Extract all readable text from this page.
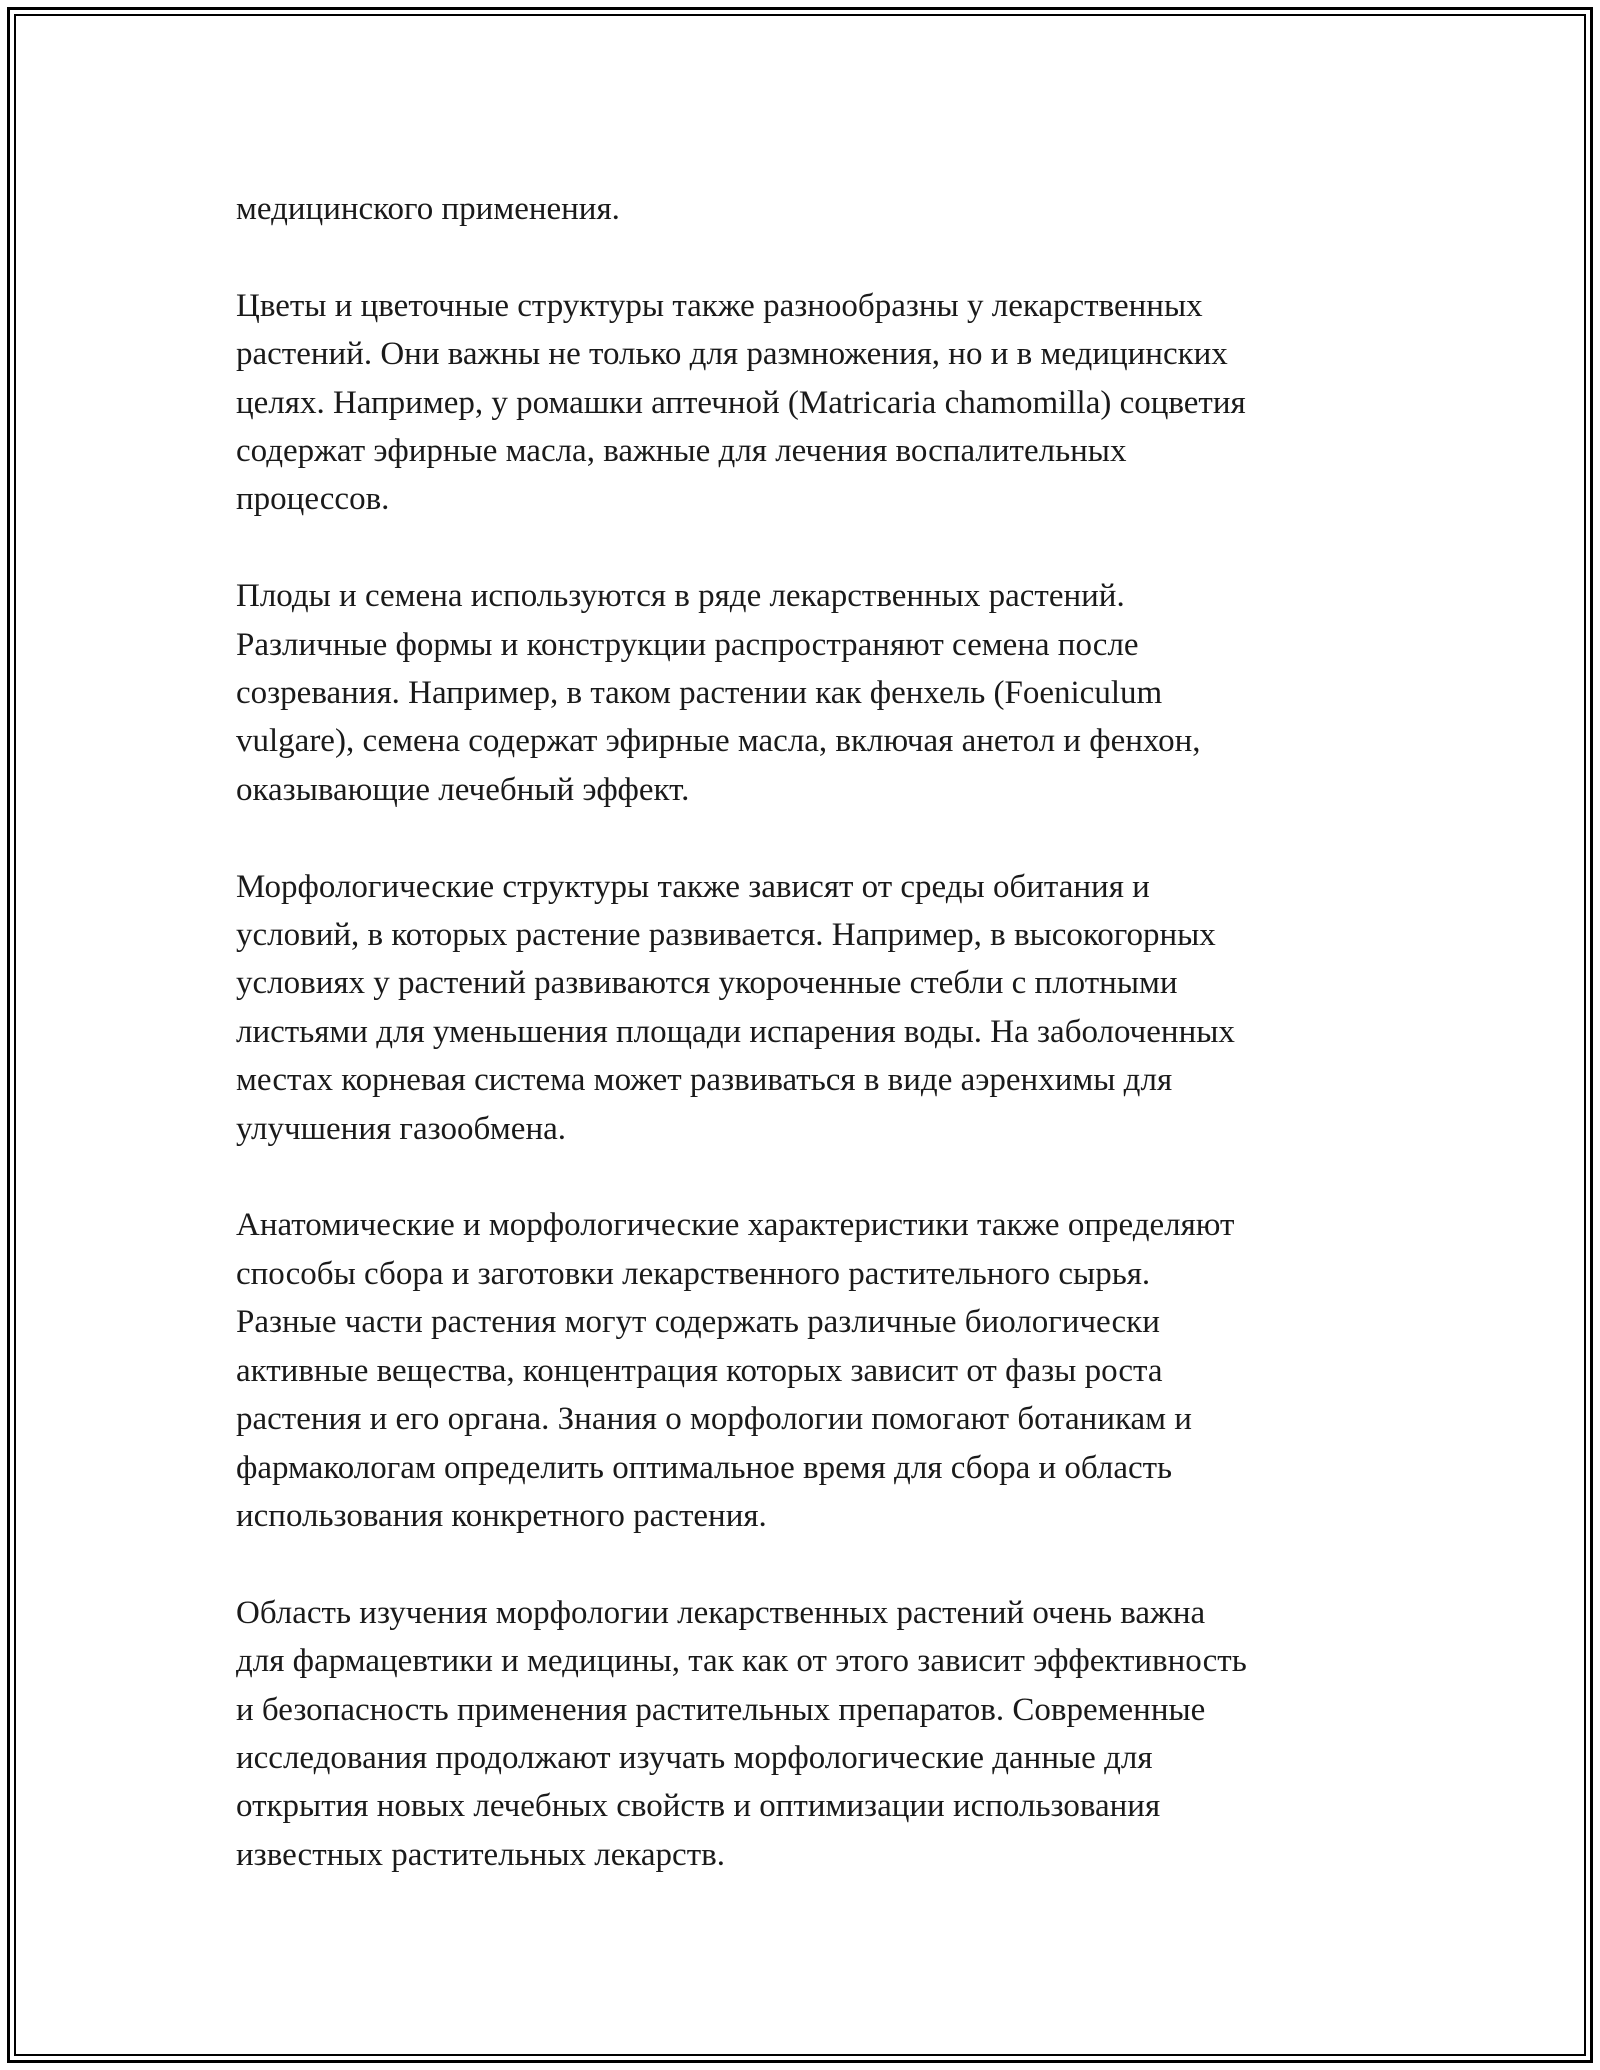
медицинского применения.

Цветы и цветочные структуры также разнообразны у лекарственных
растений. Они важны не только для размножения, но и в медицинских
целях. Например, у ромашки аптечной (Matricaria chamomilla) соцветия
содержат эфирные масла, важные для лечения воспалительных
процессов.

Плоды и семена используются в ряде лекарственных растений.
Различные формы и конструкции распространяют семена после
созревания. Например, в таком растении как фенхель (Foeniculum
vulgare), семена содержат эфирные масла, включая анетол и фенхон,
оказывающие лечебный эффект.

Морфологические структуры также зависят от среды обитания и
условий, в которых растение развивается. Например, в высокогорных
условиях у растений развиваются укороченные стебли с плотными
листьями для уменьшения площади испарения воды. На заболоченных
местах корневая система может развиваться в виде аэренхимы для
улучшения газообмена.

Анатомические и морфологические характеристики также определяют
способы сбора и заготовки лекарственного растительного сырья.
Разные части растения могут содержать различные биологически
активные вещества, концентрация которых зависит от фазы роста
растения и его органа. Знания о морфологии помогают ботаникам и
фармакологам определить оптимальное время для сбора и область
использования конкретного растения.

Область изучения морфологии лекарственных растений очень важна
для фармацевтики и медицины, так как от этого зависит эффективность
и безопасность применения растительных препаратов. Современные
исследования продолжают изучать морфологические данные для
открытия новых лечебных свойств и оптимизации использования
известных растительных лекарств.
